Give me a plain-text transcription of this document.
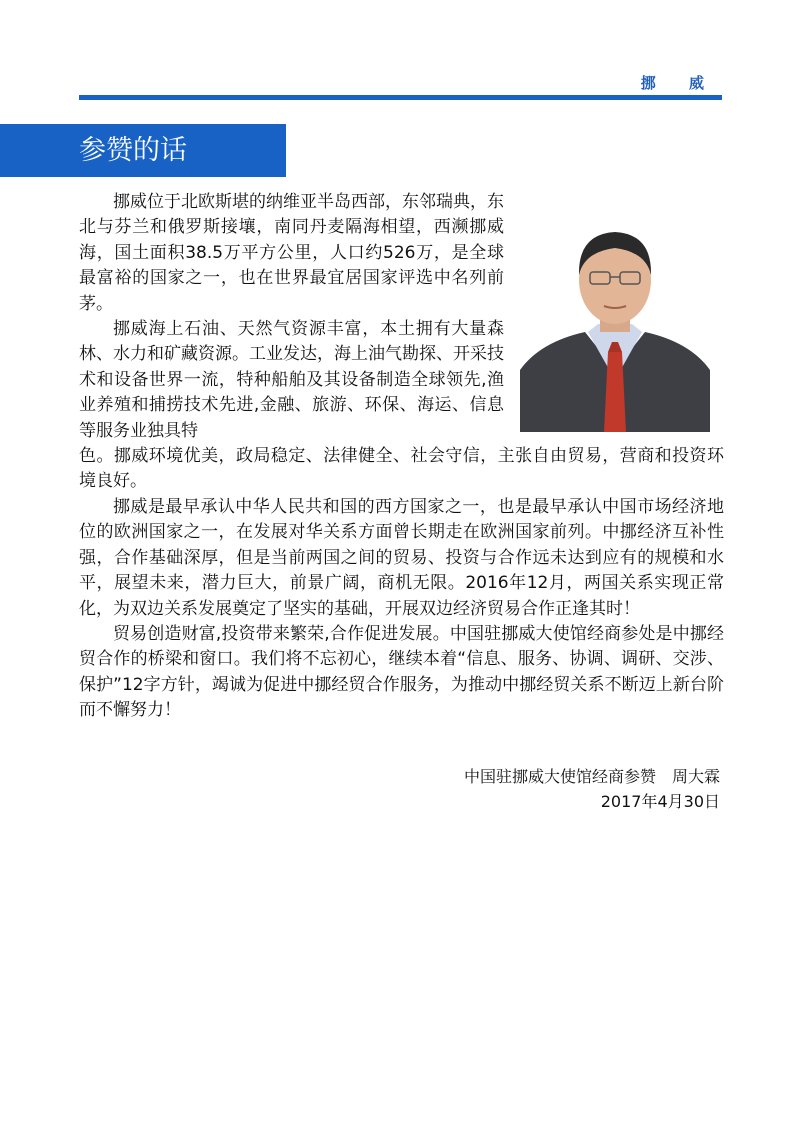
挪 威
参赞的话

挪威位于北欧斯堪的纳维亚半岛西部，东邻瑞典，东北与芬兰和俄罗斯接壤，南同丹麦隔海相望，西濒挪威海，国土面积38.5万平方公里，人口约526万，是全球最富裕的国家之一，也在世界最宜居国家评选中名列前茅。

挪威海上石油、天然气资源丰富，本土拥有大量森林、水力和矿藏资源。工业发达，海上油气勘探、开采技术和设备世界一流，特种船舶及其设备制造全球领先,渔业养殖和捕捞技术先进,金融、旅游、环保、海运、信息等服务业独具特

色。挪威环境优美，政局稳定、法律健全、社会守信，主张自由贸易，营商和投资环境良好。

挪威是最早承认中华人民共和国的西方国家之一，也是最早承认中国市场经济地位的欧洲国家之一，在发展对华关系方面曾长期走在欧洲国家前列。中挪经济互补性强，合作基础深厚，但是当前两国之间的贸易、投资与合作远未达到应有的规模和水平，展望未来，潜力巨大，前景广阔，商机无限。2016年12月，两国关系实现正常化，为双边关系发展奠定了坚实的基础，开展双边经济贸易合作正逢其时！

贸易创造财富,投资带来繁荣,合作促进发展。中国驻挪威大使馆经商参处是中挪经贸合作的桥梁和窗口。我们将不忘初心，继续本着“信息、服务、协调、调研、交涉、保护”12字方针，竭诚为促进中挪经贸合作服务，为推动中挪经贸关系不断迈上新台阶而不懈努力！

中国驻挪威大使馆经商参赞　周大霖
2017年4月30日
